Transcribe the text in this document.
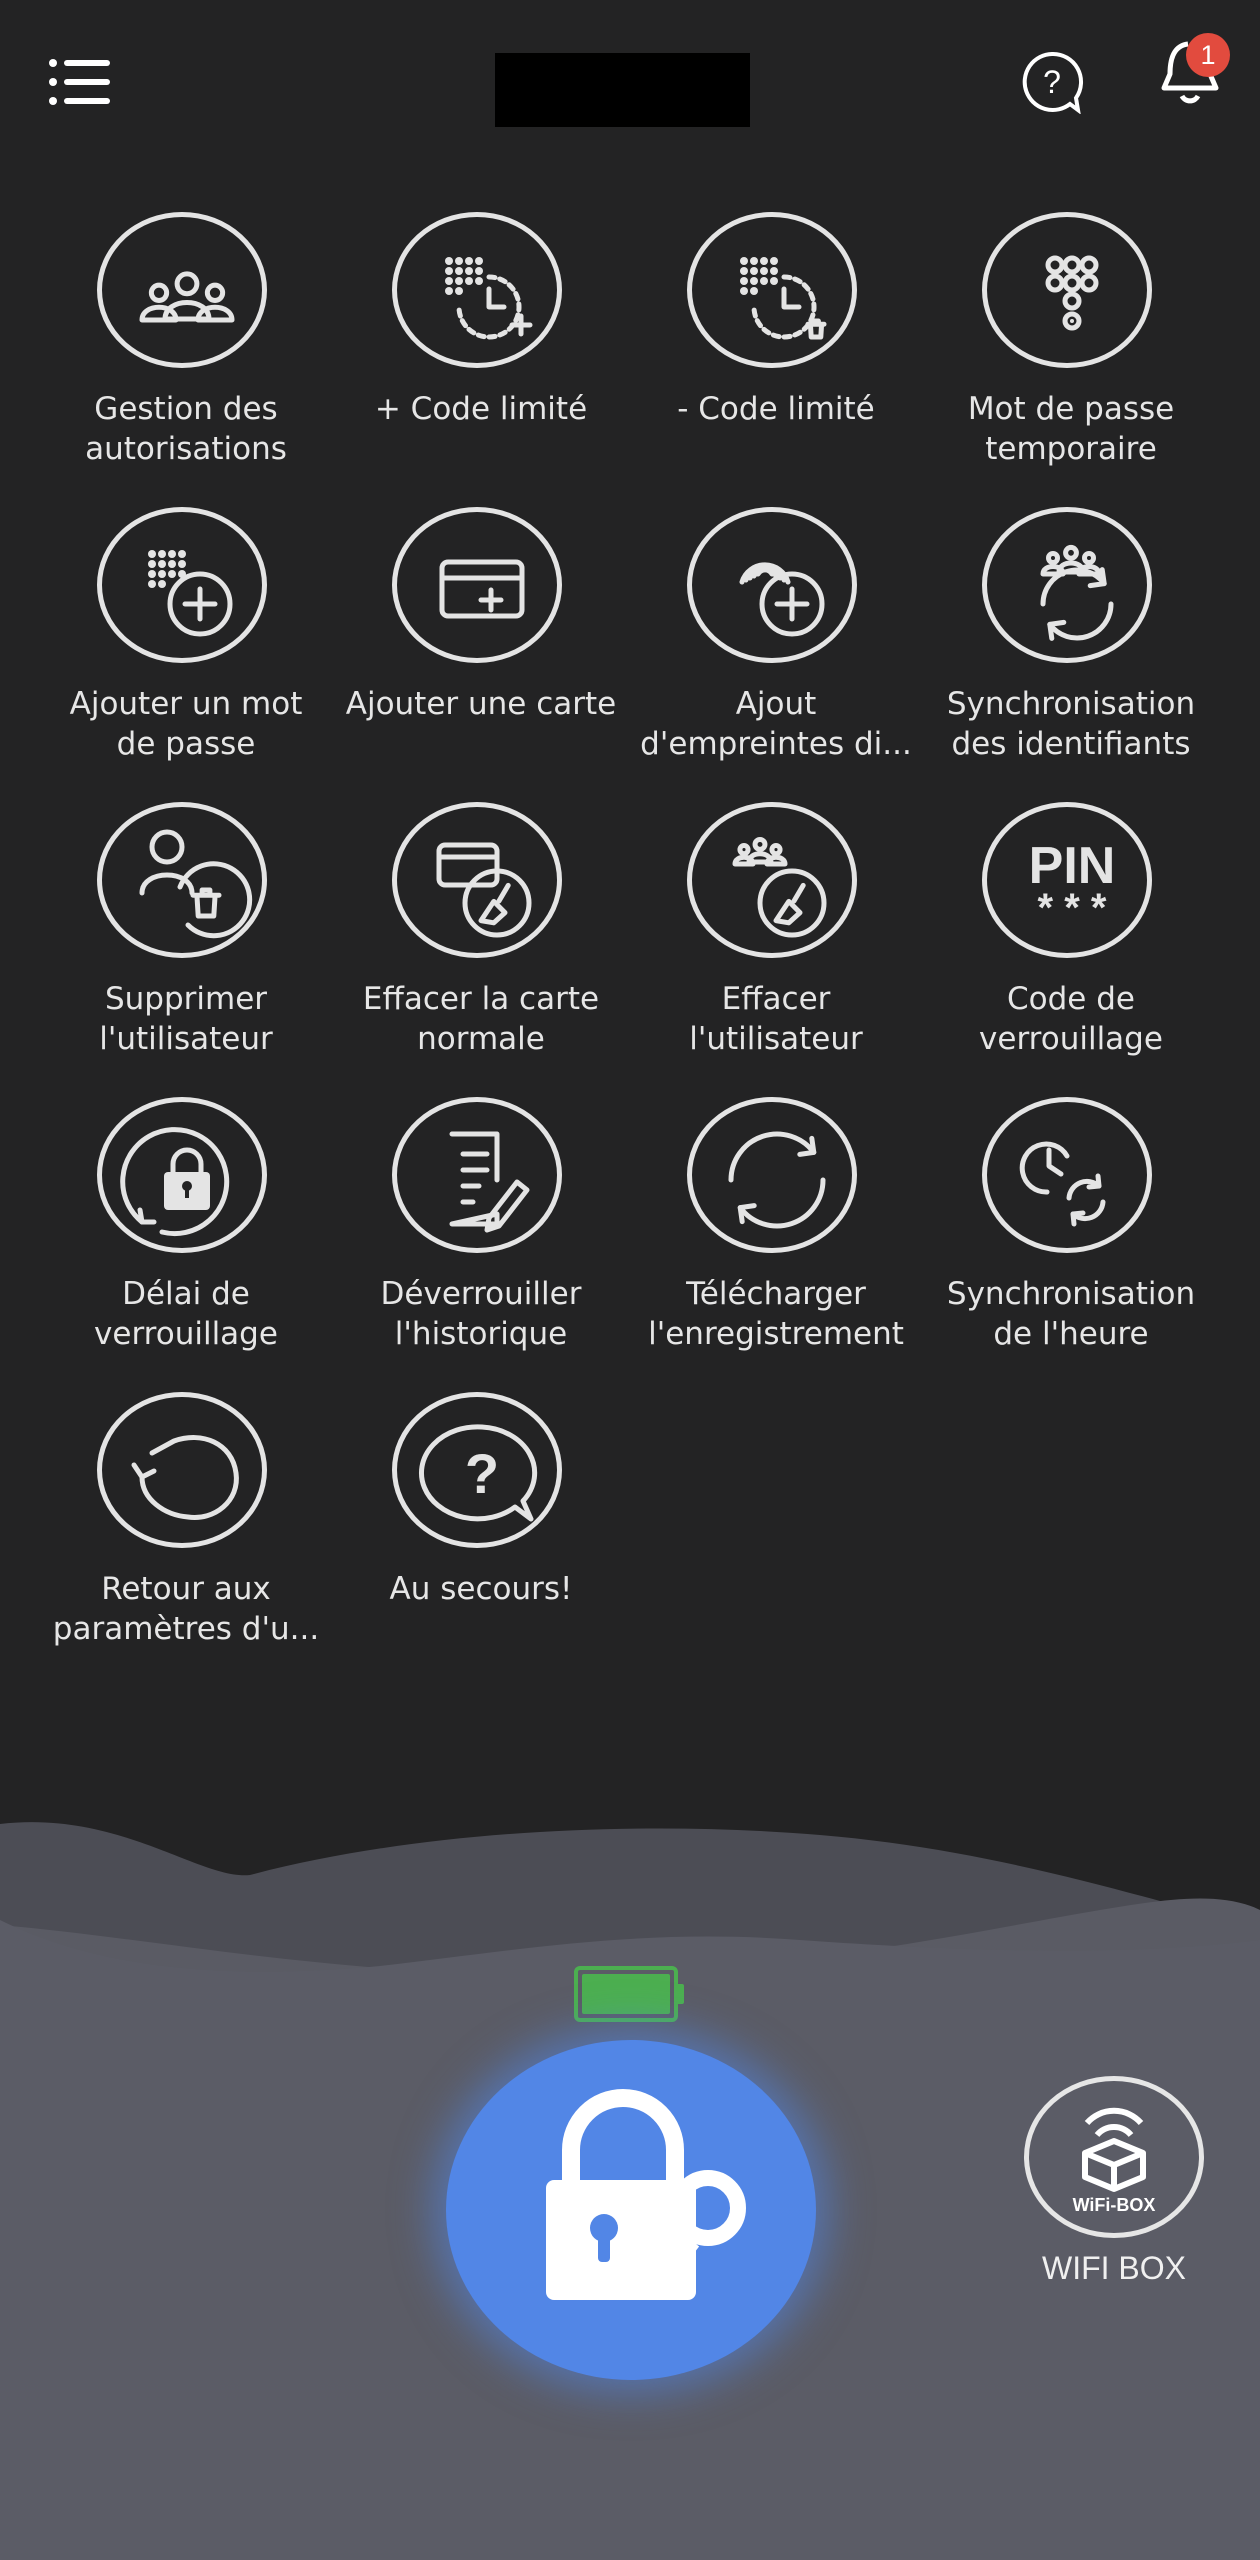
?
1
Gestion des
autorisations
+ Code limité	- Code limité	Mot de passe
temporaire
Ajouter un mot
de passe
Ajouter une carte	Ajout
d'empreintes di...
Synchronisation
des identifiants
Supprimer
l'utilisateur
Effacer la carte
normale
Effacer
l'utilisateur
PIN
* * *
Code de
verrouillage
Délai de
verrouillage
Déverrouiller
l'historique
Télécharger
l'enregistrement
Synchronisation
de l'heure
Retour aux
paramètres d'u...
?
Au secours!
WiFi-BOX
WIFI BOX
